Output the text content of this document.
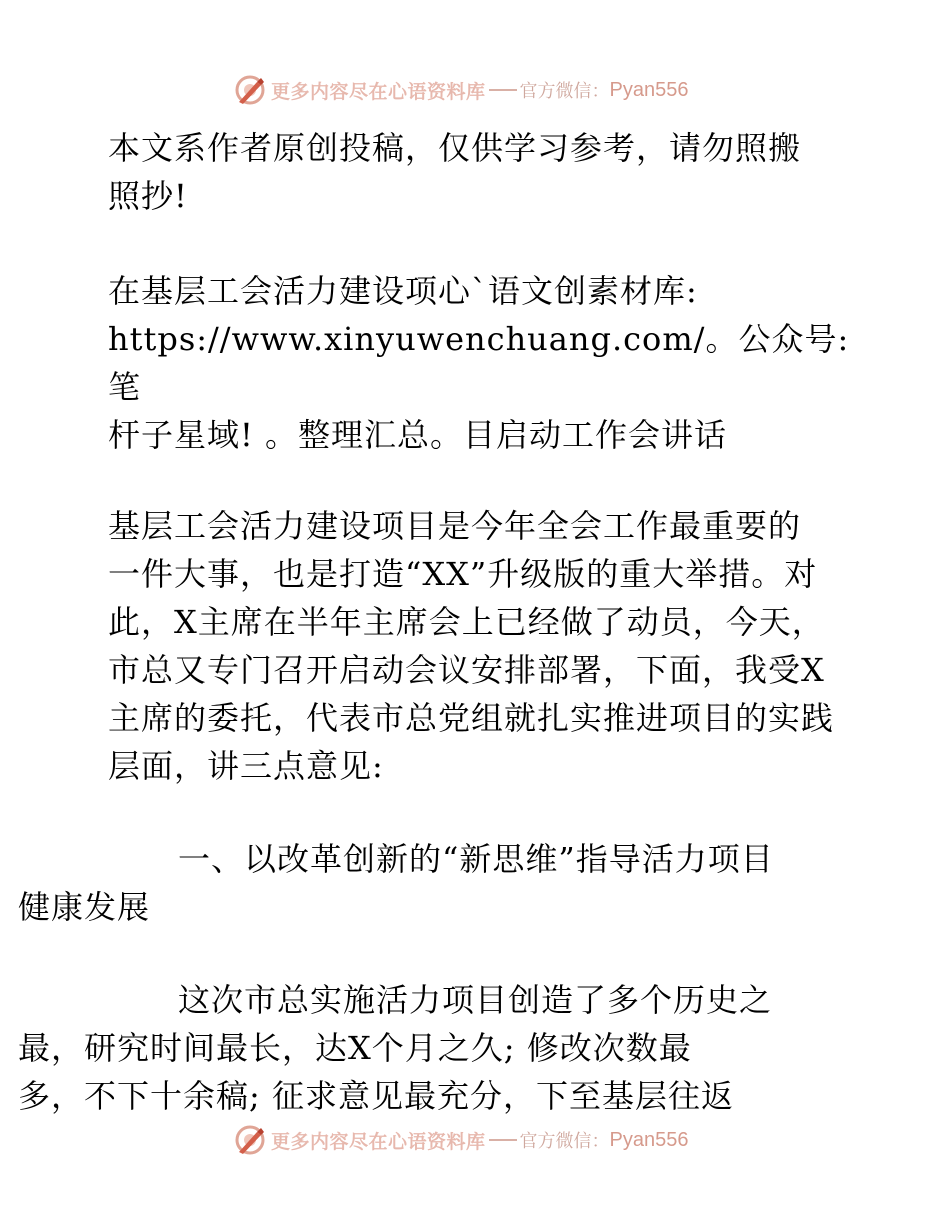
更多内容尽在心语资料库 官方微信： Pyan556

本文系作者原创投稿，仅供学习参考，请勿照搬
照抄!

在基层工会活力建设项心`语文创素材库:
https://www.xinyuwenchuang.com/。公众号: 笔
杆子星域! 。整理汇总。目启动工作会讲话

基层工会活力建设项目是今年全会工作最重要的
一件大事，也是打造“XX”升级版的重大举措。对
此，X主席在半年主席会上已经做了动员，今天，
市总又专门召开启动会议安排部署，下面，我受X
主席的委托，代表市总党组就扎实推进项目的实践
层面，讲三点意见:

一、以改革创新的“新思维”指导活力项目
健康发展

这次市总实施活力项目创造了多个历史之
最，研究时间最长，达X个月之久; 修改次数最
多，不下十余稿; 征求意见最充分，下至基层往返

更多内容尽在心语资料库 官方微信： Pyan556
